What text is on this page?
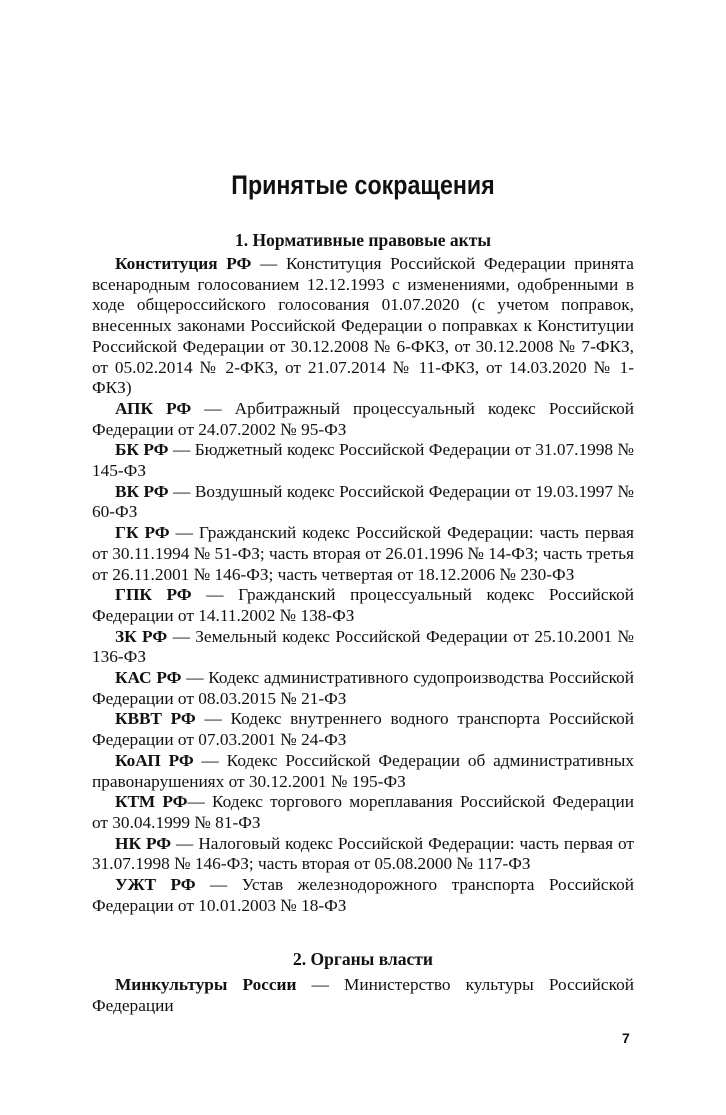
Принятые сокращения
1. Нормативные правовые акты

Конституция РФ — Конституция Российской Федерации принята всенародным голосованием 12.12.1993 с изменениями, одобренными в ходе общероссийского голосования 01.07.2020 (с учетом поправок, внесенных законами Российской Федерации о поправках к Конституции Российской Федерации от 30.12.2008 № 6-ФКЗ, от 30.12.2008 № 7-ФКЗ, от 05.02.2014 № 2-ФКЗ, от 21.07.2014 № 11-ФКЗ, от 14.03.2020 № 1-ФКЗ)

АПК РФ — Арбитражный процессуальный кодекс Российской Федерации от 24.07.2002 № 95-ФЗ

БК РФ — Бюджетный кодекс Российской Федерации от 31.07.1998 № 145-ФЗ

ВК РФ — Воздушный кодекс Российской Федерации от 19.03.1997 № 60-ФЗ

ГК РФ — Гражданский кодекс Российской Федерации: часть первая от 30.11.1994 № 51-ФЗ; часть вторая от 26.01.1996 № 14-ФЗ; часть третья от 26.11.2001 № 146-ФЗ; часть четвертая от 18.12.2006 № 230-ФЗ

ГПК РФ — Гражданский процессуальный кодекс Российской Федерации от 14.11.2002 № 138-ФЗ

ЗК РФ — Земельный кодекс Российской Федерации от 25.10.2001 № 136-ФЗ

КАС РФ — Кодекс административного судопроизводства Российской Федерации от 08.03.2015 № 21-ФЗ

КВВТ РФ — Кодекс внутреннего водного транспорта Российской Федерации от 07.03.2001 № 24-ФЗ

КоАП РФ — Кодекс Российской Федерации об административных правонарушениях от 30.12.2001 № 195-ФЗ

КТМ РФ— Кодекс торгового мореплавания Российской Федерации от 30.04.1999 № 81-ФЗ

НК РФ — Налоговый кодекс Российской Федерации: часть первая от 31.07.1998 № 146-ФЗ; часть вторая от 05.08.2000 № 117-ФЗ

УЖТ РФ — Устав железнодорожного транспорта Российской Федерации от 10.01.2003 № 18-ФЗ

2. Органы власти

Минкультуры России — Министерство культуры Российской Федерации

7
